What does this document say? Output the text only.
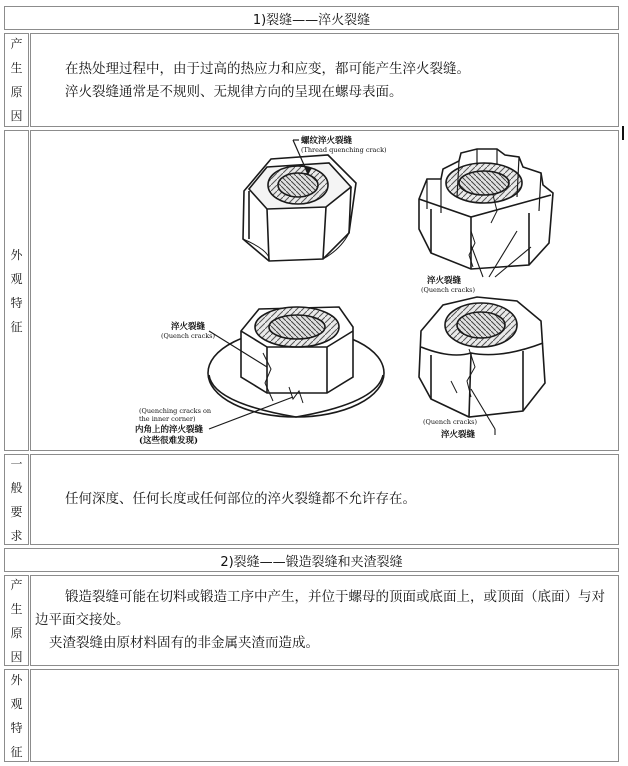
1)裂缝——淬火裂缝
产生原因

在热处理过程中，由于过高的热应力和应变，都可能产生淬火裂缝。

淬火裂缝通常是不规则、无规律方向的呈现在螺母表面。

外观特征
螺纹淬火裂缝
(Thread quenching crack)
淬火裂缝
(Quench cracks)
淬火裂缝
(Quench cracks)
(Quenching cracks on
the inner corner)
内角上的淬火裂缝
(这些很难发现)
(Quench cracks)
淬火裂缝
一般要求

任何深度、任何长度或任何部位的淬火裂缝都不允许存在。

2)裂缝——锻造裂缝和夹渣裂缝
产生原因

锻造裂缝可能在切料或锻造工序中产生，并位于螺母的顶面或底面上，或顶面（底面）与对边平面交接处。

夹渣裂缝由原材料固有的非金属夹渣而造成。

外观特征
